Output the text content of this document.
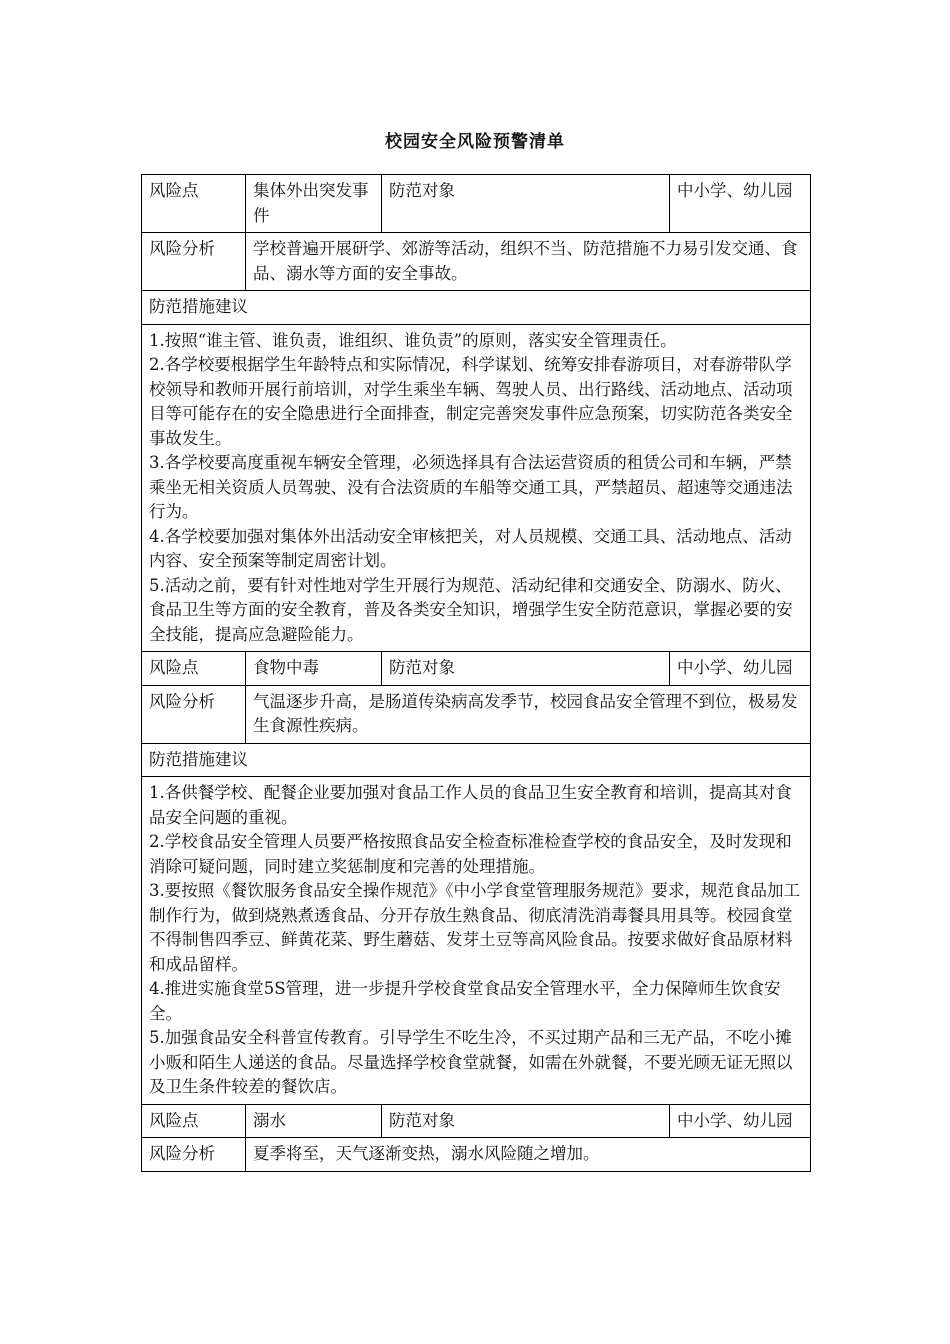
校园安全风险预警清单
风险点	集体外出突发事件	防范对象	中小学、幼儿园
风险分析	学校普遍开展研学、郊游等活动，组织不当、防范措施不力易引发交通、食品、溺水等方面的安全事故。		
防范措施建议			

1.按照“谁主管、谁负责，谁组织、谁负责”的原则，落实安全管理责任。

2.各学校要根据学生年龄特点和实际情况，科学谋划、统筹安排春游项目，对春游带队学校领导和教师开展行前培训，对学生乘坐车辆、驾驶人员、出行路线、活动地点、活动项目等可能存在的安全隐患进行全面排查，制定完善突发事件应急预案，切实防范各类安全事故发生。

3.各学校要高度重视车辆安全管理，必须选择具有合法运营资质的租赁公司和车辆，严禁乘坐无相关资质人员驾驶、没有合法资质的车船等交通工具，严禁超员、超速等交通违法行为。

4.各学校要加强对集体外出活动安全审核把关，对人员规模、交通工具、活动地点、活动内容、安全预案等制定周密计划。

5.活动之前，要有针对性地对学生开展行为规范、活动纪律和交通安全、防溺水、防火、食品卫生等方面的安全教育，普及各类安全知识，增强学生安全防范意识，掌握必要的安全技能，提高应急避险能力。			

风险点	食物中毒	防范对象	中小学、幼儿园
风险分析	气温逐步升高，是肠道传染病高发季节，校园食品安全管理不到位，极易发生食源性疾病。		
防范措施建议			

1.各供餐学校、配餐企业要加强对食品工作人员的食品卫生安全教育和培训，提高其对食品安全问题的重视。

2.学校食品安全管理人员要严格按照食品安全检查标准检查学校的食品安全，及时发现和消除可疑问题，同时建立奖惩制度和完善的处理措施。

3.要按照《餐饮服务食品安全操作规范》《中小学食堂管理服务规范》要求，规范食品加工制作行为，做到烧熟煮透食品、分开存放生熟食品、彻底清洗消毒餐具用具等。校园食堂不得制售四季豆、鲜黄花菜、野生蘑菇、发芽土豆等高风险食品。按要求做好食品原材料和成品留样。

4.推进实施食堂5S管理，进一步提升学校食堂食品安全管理水平，全力保障师生饮食安全。

5.加强食品安全科普宣传教育。引导学生不吃生冷，不买过期产品和三无产品，不吃小摊小贩和陌生人递送的食品。尽量选择学校食堂就餐，如需在外就餐，不要光顾无证无照以及卫生条件较差的餐饮店。			

风险点	溺水	防范对象	中小学、幼儿园
风险分析	夏季将至，天气逐渐变热，溺水风险随之增加。		
